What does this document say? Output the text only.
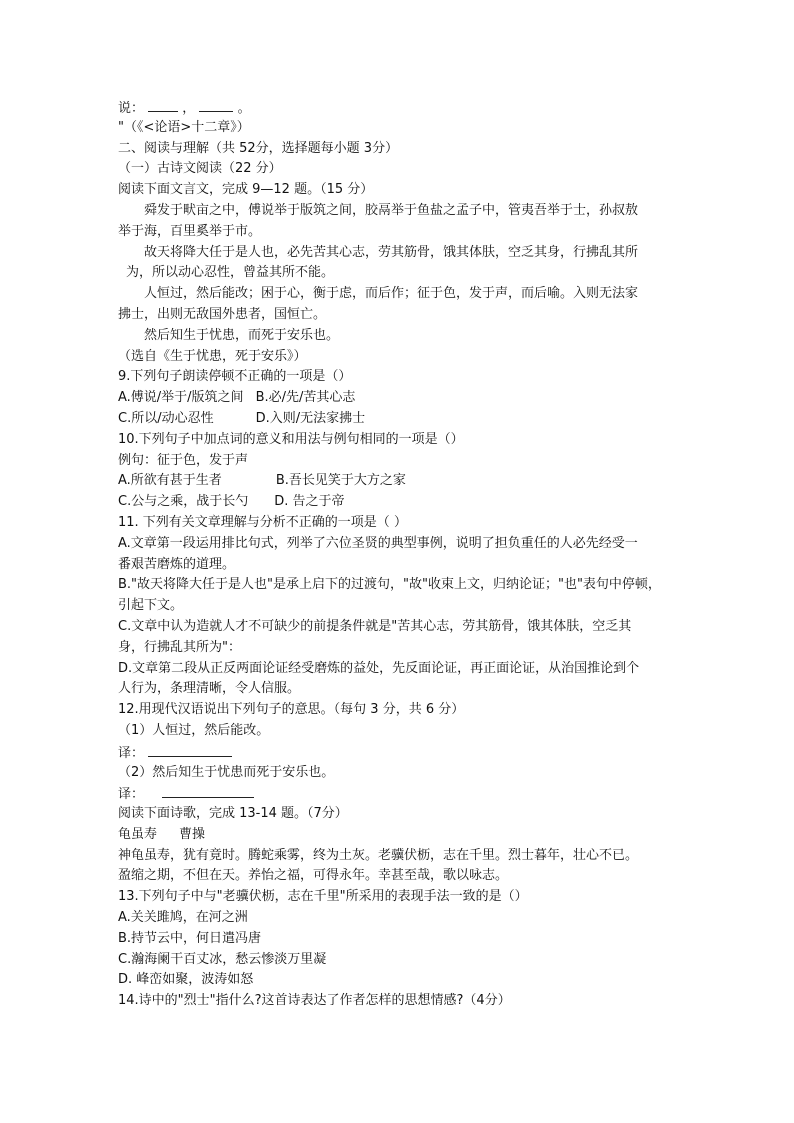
说：	，	。
"（《<论语>十二章》）
二、阅读与理解（共 52分，选择题每小题 3分）
（一）古诗文阅读（22 分）
阅读下面文言文，完成 9—12 题。（15 分）
舜发于畎亩之中，傅说举于版筑之间，胶鬲举于鱼盐之孟子中，管夷吾举于士，孙叔敖
举于海，百里奚举于市。
故天将降大任于是人也，必先苦其心志，劳其筋骨，饿其体肤，空乏其身，行拂乱其所
为，所以动心忍性，曾益其所不能。
人恒过，然后能改；困于心，衡于虑，而后作；征于色，发于声，而后喻。入则无法家
拂士，出则无敌国外患者，国恒亡。
然后知生于忧患，而死于安乐也。
（选自《生于忧患，死于安乐》）
9.下列句子朗读停顿不正确的一项是（）
A.傅说/举于/版筑之间 B.必/先/苦其心志
C.所以/动心忍性	D.入则/无法家拂士
10.下列句子中加点词的意义和用法与例句相同的一项是（）
例句：征于色，发于声
A.所欲有甚于生者	B.吾长见笑于大方之家
C.公与之乘，战于长勺 D. 告之于帝
11. 下列有关文章理解与分析不正确的一项是（ ）
A.文章第一段运用排比句式，列举了六位圣贤的典型事例，说明了担负重任的人必先经受一
番艰苦磨炼的道理。
B."故天将降大任于是人也"是承上启下的过渡句，"故"收束上文，归纳论证；"也"表句中停顿，
引起下文。
C.文章中认为造就人才不可缺少的前提条件就是"苦其心志，劳其筋骨，饿其体肤，空乏其
身，行拂乱其所为"：
D.文章第二段从正反两面论证经受磨炼的益处，先反面论证，再正面论证，从治国推论到个
人行为，条理清晰，令人信服。
12.用现代汉语说出下列句子的意思。（每句 3 分，共 6 分）
（1）人恒过，然后能改。
译：
（2）然后知生于忧患而死于安乐也。
译：
阅读下面诗歌，完成 13-14 题。（7分）
龟虽寿 曹操
神龟虽寿，犹有竟时。腾蛇乘雾，终为土灰。老骥伏枥，志在千里。烈士暮年，壮心不已。
盈缩之期，不但在天。养怡之福，可得永年。幸甚至哉，歌以咏志。
13.下列句子中与"老骥伏枥，志在千里"所采用的表现手法一致的是（）
A.关关雎鸠，在河之洲
B.持节云中，何日遣冯唐
C.瀚海阑干百丈冰，愁云惨淡万里凝
D. 峰峦如聚，波涛如怒
14.诗中的"烈士"指什么?这首诗表达了作者怎样的思想情感?（4分）
